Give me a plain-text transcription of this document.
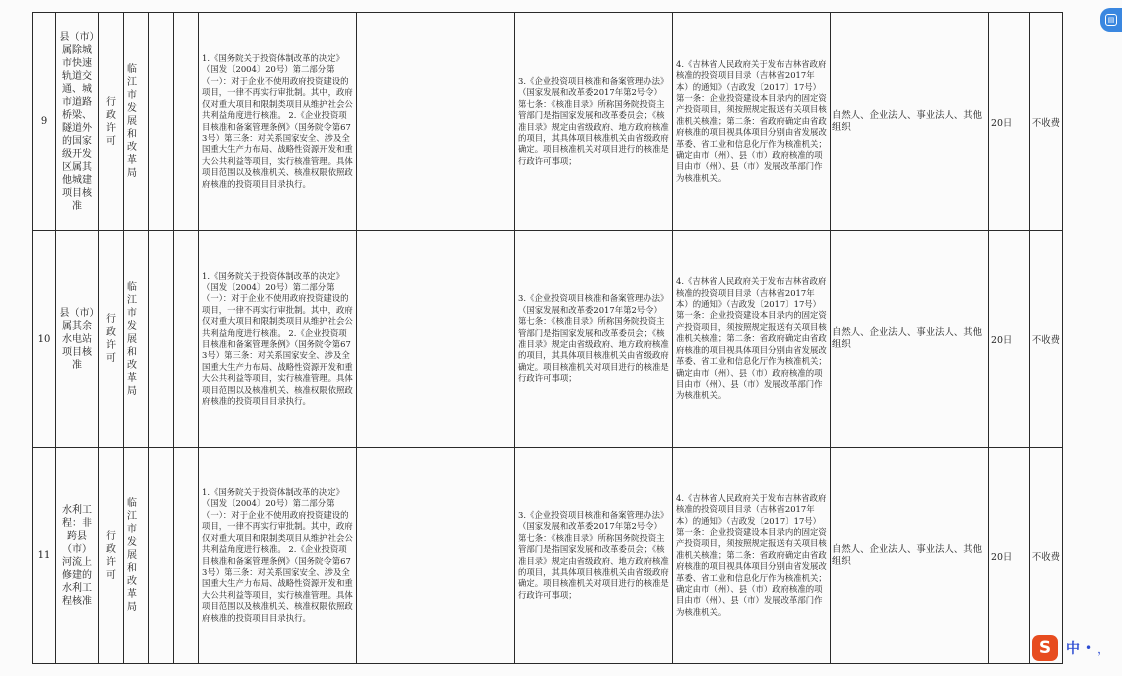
9	县（市）属除城市快速轨道交通、城市道路桥梁、隧道外的国家级开发区属其他城建项目核准	行政许可	临江市发展和改革局			1.《国务院关于投资体制改革的决定》（国发〔2004〕20号）第二部分第（一）：对于企业不使用政府投资建设的项目，一律不再实行审批制。其中，政府仅对重大项目和限制类项目从维护社会公共利益角度进行核准。 2.《企业投资项目核准和备案管理条例》（国务院令第673号）第三条：对关系国家安全、涉及全国重大生产力布局、战略性资源开发和重大公共利益等项目，实行核准管理。具体项目范围以及核准机关、核准权限依照政府核准的投资项目目录执行。		3.《企业投资项目核准和备案管理办法》（国家发展和改革委2017年第2号令）第七条：《核准目录》所称国务院投资主管部门是指国家发展和改革委员会；《核准目录》规定由省级政府、地方政府核准的项目，其具体项目核准机关由省级政府确定。项目核准机关对项目进行的核准是行政许可事项；	4.《吉林省人民政府关于发布吉林省政府核准的投资项目目录（吉林省2017年本）的通知》（吉政发〔2017〕17号）第一条：企业投资建设本目录内的固定资产投资项目，须按照规定报送有关项目核准机关核准；第二条：省政府确定由省政府核准的项目视具体项目分别由省发展改革委、省工业和信息化厅作为核准机关；确定由市（州）、县（市）政府核准的项目由市（州）、县（市）发展改革部门作为核准机关。	自然人、企业法人、事业法人、其他组织	20日	不收费
10	县（市）属其余水电站项目核准	行政许可	临江市发展和改革局			1.《国务院关于投资体制改革的决定》（国发〔2004〕20号）第二部分第（一）：对于企业不使用政府投资建设的项目，一律不再实行审批制。其中，政府仅对重大项目和限制类项目从维护社会公共利益角度进行核准。 2.《企业投资项目核准和备案管理条例》（国务院令第673号）第三条：对关系国家安全、涉及全国重大生产力布局、战略性资源开发和重大公共利益等项目，实行核准管理。具体项目范围以及核准机关、核准权限依照政府核准的投资项目目录执行。		3.《企业投资项目核准和备案管理办法》（国家发展和改革委2017年第2号令）第七条：《核准目录》所称国务院投资主管部门是指国家发展和改革委员会；《核准目录》规定由省级政府、地方政府核准的项目，其具体项目核准机关由省级政府确定。项目核准机关对项目进行的核准是行政许可事项；	4.《吉林省人民政府关于发布吉林省政府核准的投资项目目录（吉林省2017年本）的通知》（吉政发〔2017〕17号）第一条：企业投资建设本目录内的固定资产投资项目，须按照规定报送有关项目核准机关核准；第二条：省政府确定由省政府核准的项目视具体项目分别由省发展改革委、省工业和信息化厅作为核准机关；确定由市（州）、县（市）政府核准的项目由市（州）、县（市）发展改革部门作为核准机关。	自然人、企业法人、事业法人、其他组织	20日	不收费
11	水利工程：非跨县（市）河流上修建的水利工程核准	行政许可	临江市发展和改革局			1.《国务院关于投资体制改革的决定》（国发〔2004〕20号）第二部分第（一）：对于企业不使用政府投资建设的项目，一律不再实行审批制。其中，政府仅对重大项目和限制类项目从维护社会公共利益角度进行核准。 2.《企业投资项目核准和备案管理条例》（国务院令第673号）第三条：对关系国家安全、涉及全国重大生产力布局、战略性资源开发和重大公共利益等项目，实行核准管理。具体项目范围以及核准机关、核准权限依照政府核准的投资项目目录执行。		3.《企业投资项目核准和备案管理办法》（国家发展和改革委2017年第2号令）第七条：《核准目录》所称国务院投资主管部门是指国家发展和改革委员会；《核准目录》规定由省级政府、地方政府核准的项目，其具体项目核准机关由省级政府确定。项目核准机关对项目进行的核准是行政许可事项；	4.《吉林省人民政府关于发布吉林省政府核准的投资项目目录（吉林省2017年本）的通知》（吉政发〔2017〕17号）第一条：企业投资建设本目录内的固定资产投资项目，须按照规定报送有关项目核准机关核准；第二条：省政府确定由省政府核准的项目视具体项目分别由省发展改革委、省工业和信息化厅作为核准机关；确定由市（州）、县（市）政府核准的项目由市（州）、县（市）发展改革部门作为核准机关。	自然人、企业法人、事业法人、其他组织	20日	不收费
▤
S	中 • ，
